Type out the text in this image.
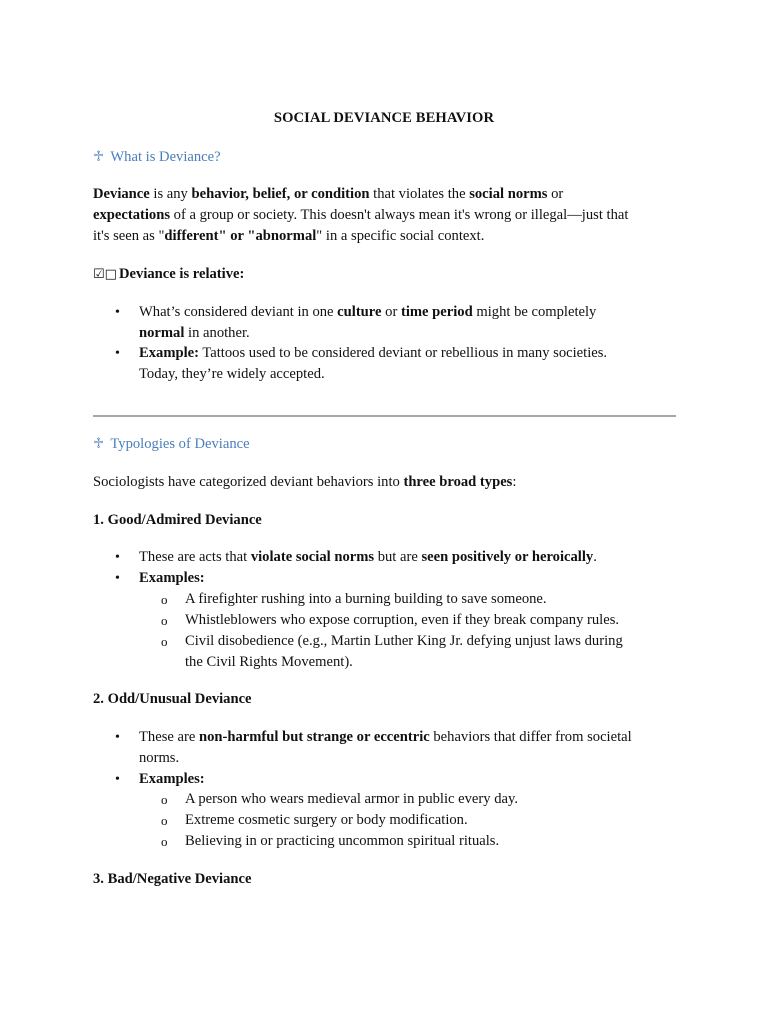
SOCIAL DEVIANCE BEHAVIOR
♱ What is Deviance?
Deviance is any behavior, belief, or condition that violates the social norms or
expectations of a group or society. This doesn't always mean it's wrong or illegal—just that
it's seen as "different" or "abnormal" in a specific social context.
☑□ Deviance is relative:
• What’s considered deviant in one culture or time period might be completely
normal in another.
• Example: Tattoos used to be considered deviant or rebellious in many societies.
Today, they’re widely accepted.
♱ Typologies of Deviance
Sociologists have categorized deviant behaviors into three broad types:
1. Good/Admired Deviance
• These are acts that violate social norms but are seen positively or heroically.
• Examples:
o A firefighter rushing into a burning building to save someone.
o Whistleblowers who expose corruption, even if they break company rules.
o Civil disobedience (e.g., Martin Luther King Jr. defying unjust laws during
the Civil Rights Movement).
2. Odd/Unusual Deviance
• These are non-harmful but strange or eccentric behaviors that differ from societal
norms.
• Examples:
o A person who wears medieval armor in public every day.
o Extreme cosmetic surgery or body modification.
o Believing in or practicing uncommon spiritual rituals.
3. Bad/Negative Deviance
